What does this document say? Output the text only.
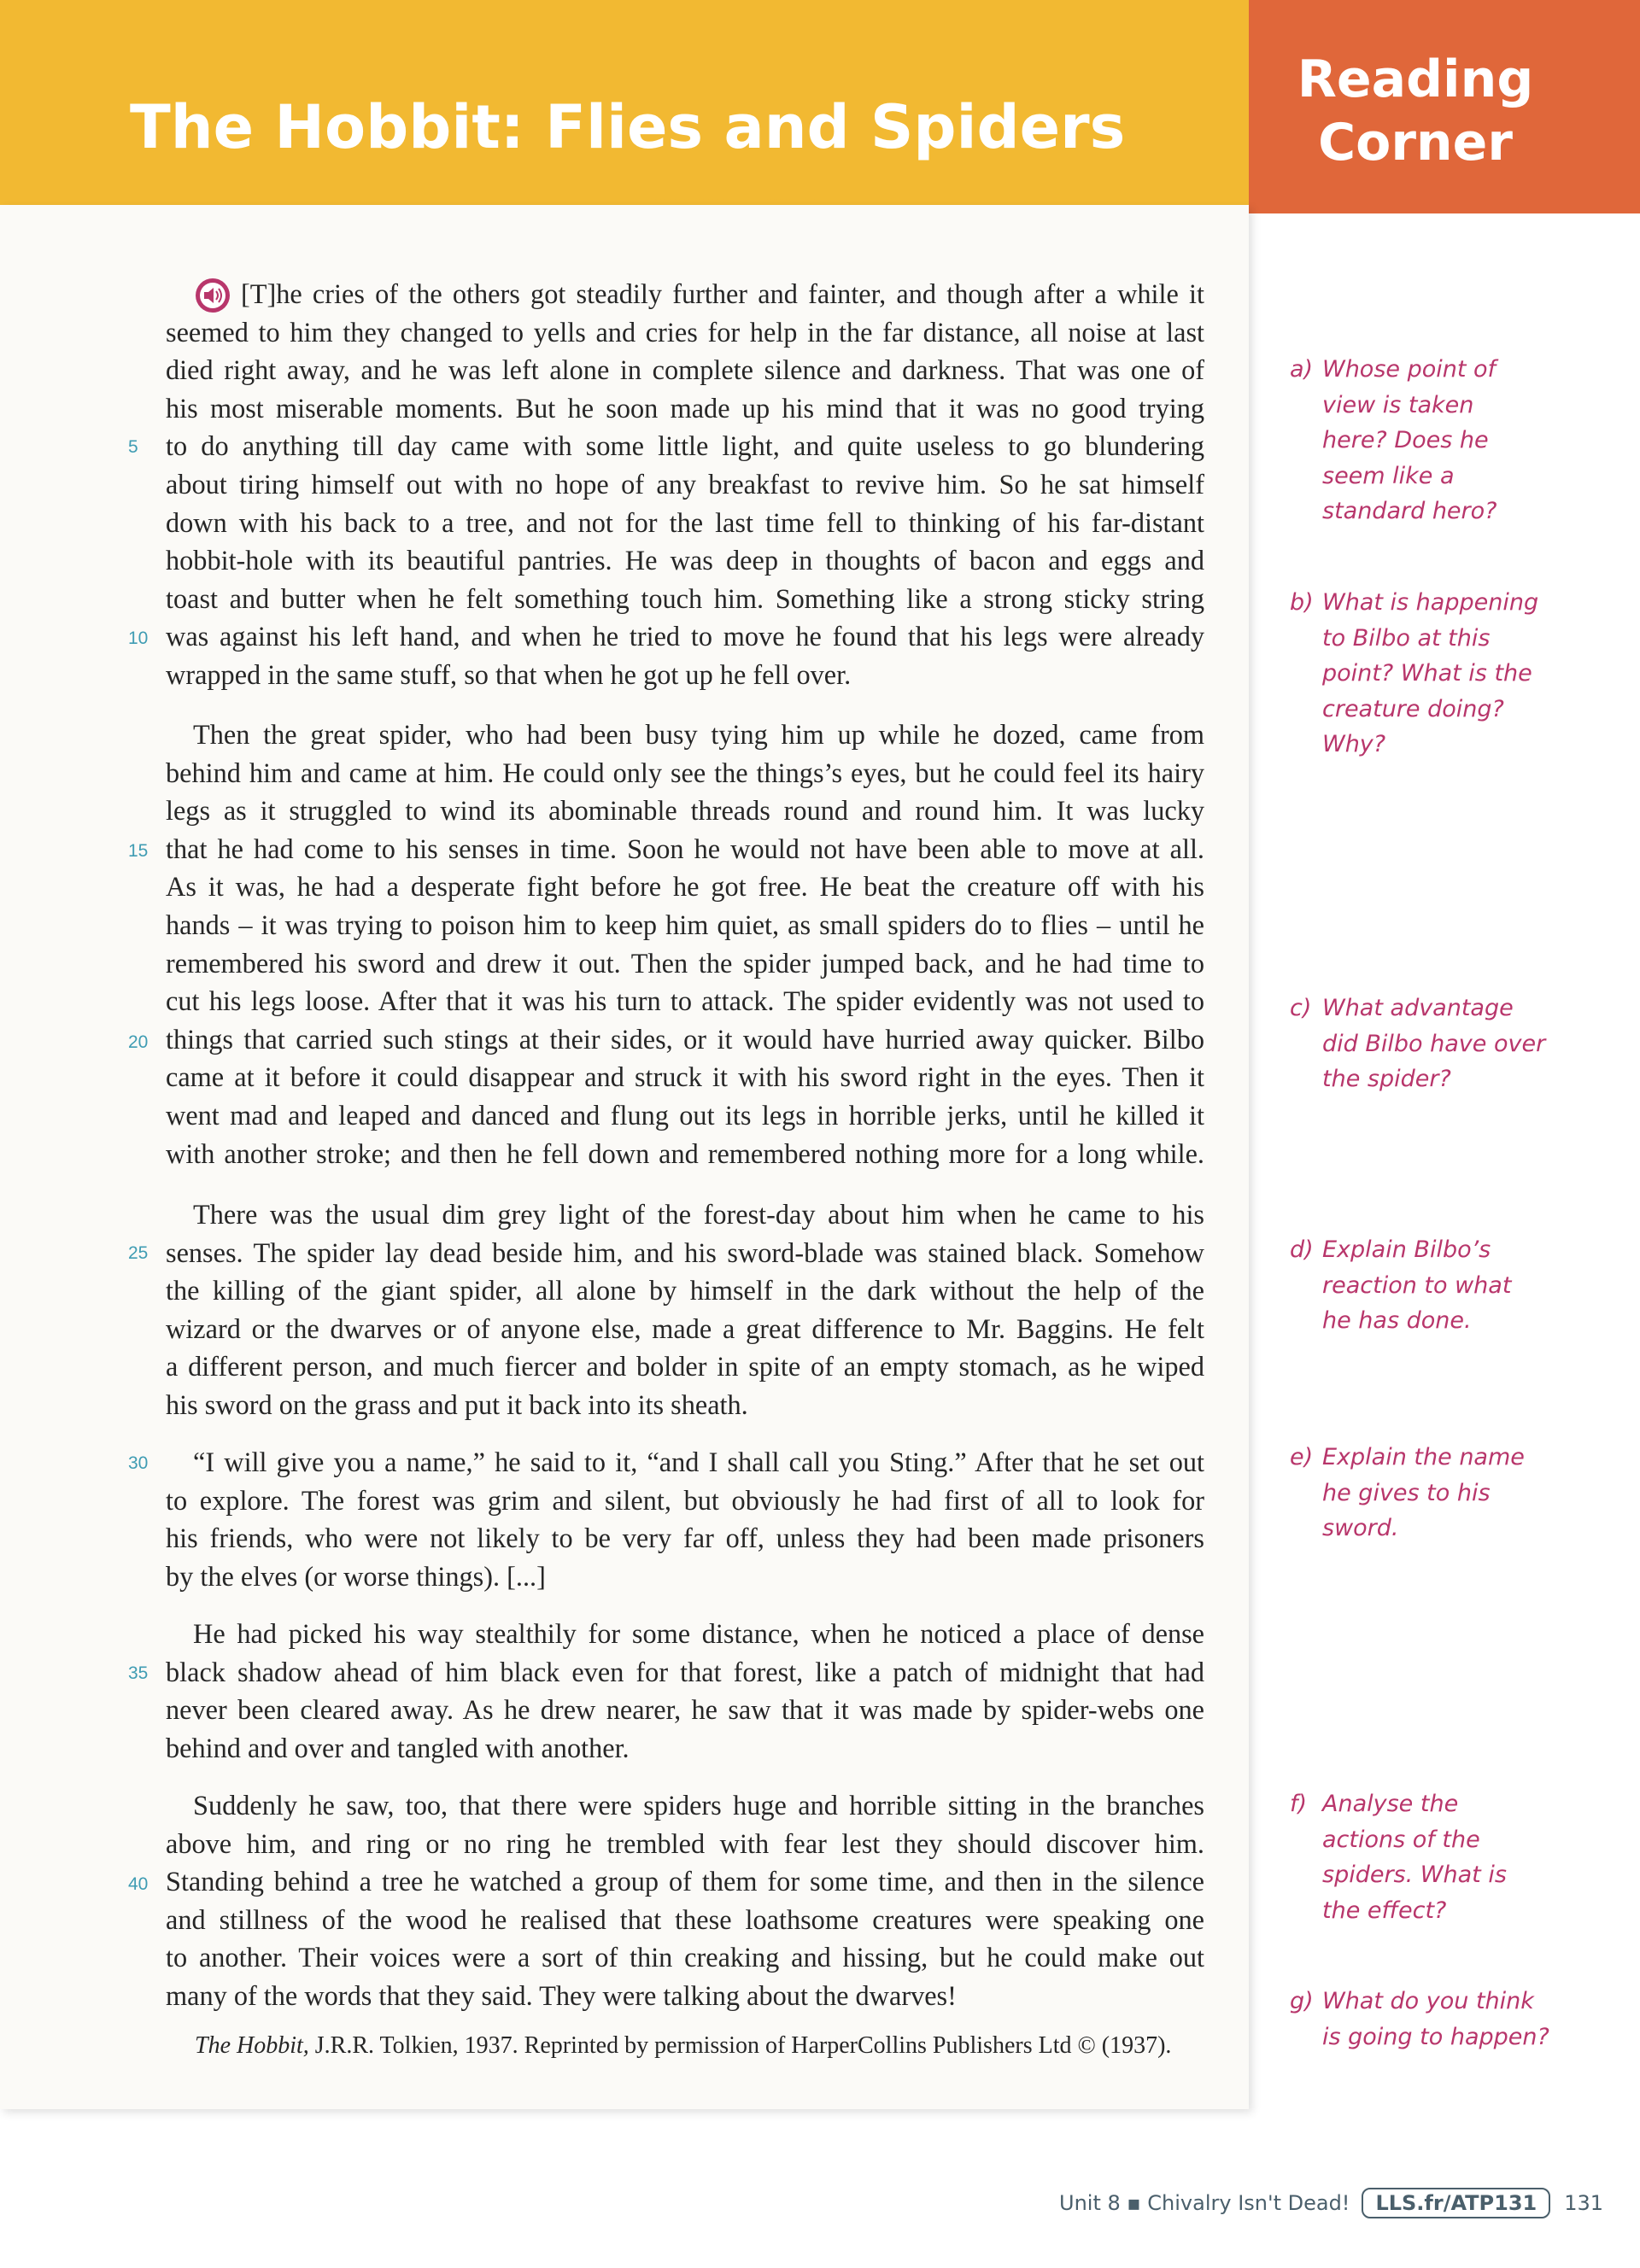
The Hobbit: Flies and Spiders
Reading
Corner
5
10
15
20
25
30
35
40
[T]he cries of the others got steadily further and fainter, and though after a while it
seemed to him they changed to yells and cries for help in the far distance, all noise at last
died right away, and he was left alone in complete silence and darkness. That was one of
his most miserable moments. But he soon made up his mind that it was no good trying
to do anything till day came with some little light, and quite useless to go blundering
about tiring himself out with no hope of any breakfast to revive him. So he sat himself
down with his back to a tree, and not for the last time fell to thinking of his far-distant
hobbit-hole with its beautiful pantries. He was deep in thoughts of bacon and eggs and
toast and butter when he felt something touch him. Something like a strong sticky string
was against his left hand, and when he tried to move he found that his legs were already
wrapped in the same stuff, so that when he got up he fell over.
Then the great spider, who had been busy tying him up while he dozed, came from
behind him and came at him. He could only see the things’s eyes, but he could feel its hairy
legs as it struggled to wind its abominable threads round and round him. It was lucky
that he had come to his senses in time. Soon he would not have been able to move at all.
As it was, he had a desperate fight before he got free. He beat the creature off with his
hands – it was trying to poison him to keep him quiet, as small spiders do to flies – until he
remembered his sword and drew it out. Then the spider jumped back, and he had time to
cut his legs loose. After that it was his turn to attack. The spider evidently was not used to
things that carried such stings at their sides, or it would have hurried away quicker. Bilbo
came at it before it could disappear and struck it with his sword right in the eyes. Then it
went mad and leaped and danced and flung out its legs in horrible jerks, until he killed it
with another stroke; and then he fell down and remembered nothing more for a long while.
There was the usual dim grey light of the forest-day about him when he came to his
senses. The spider lay dead beside him, and his sword-blade was stained black. Somehow
the killing of the giant spider, all alone by himself in the dark without the help of the
wizard or the dwarves or of anyone else, made a great difference to Mr. Baggins. He felt
a different person, and much fiercer and bolder in spite of an empty stomach, as he wiped
his sword on the grass and put it back into its sheath.
“I will give you a name,” he said to it, “and I shall call you Sting.” After that he set out
to explore. The forest was grim and silent, but obviously he had first of all to look for
his friends, who were not likely to be very far off, unless they had been made prisoners
by the elves (or worse things). [...]
He had picked his way stealthily for some distance, when he noticed a place of dense
black shadow ahead of him black even for that forest, like a patch of midnight that had
never been cleared away. As he drew nearer, he saw that it was made by spider-webs one
behind and over and tangled with another.
Suddenly he saw, too, that there were spiders huge and horrible sitting in the branches
above him, and ring or no ring he trembled with fear lest they should discover him.
Standing behind a tree he watched a group of them for some time, and then in the silence
and stillness of the wood he realised that these loathsome creatures were speaking one
to another. Their voices were a sort of thin creaking and hissing, but he could make out
many of the words that they said. They were talking about the dwarves!
The Hobbit, J.R.R. Tolkien, 1937. Reprinted by permission of HarperCollins Publishers Ltd © (1937).
a) Whose point of
view is taken
here? Does he
seem like a
standard hero?
b) What is happening
to Bilbo at this
point? What is the
creature doing?
Why?
c) What advantage
did Bilbo have over
the spider?
d) Explain Bilbo’s
reaction to what
he has done.
e) Explain the name
he gives to his
sword.
f) Analyse the
actions of the
spiders. What is
the effect?
g) What do you think
is going to happen?
Unit 8 ▪ Chivalry Isn't Dead!	LLS.fr/ATP131	131
